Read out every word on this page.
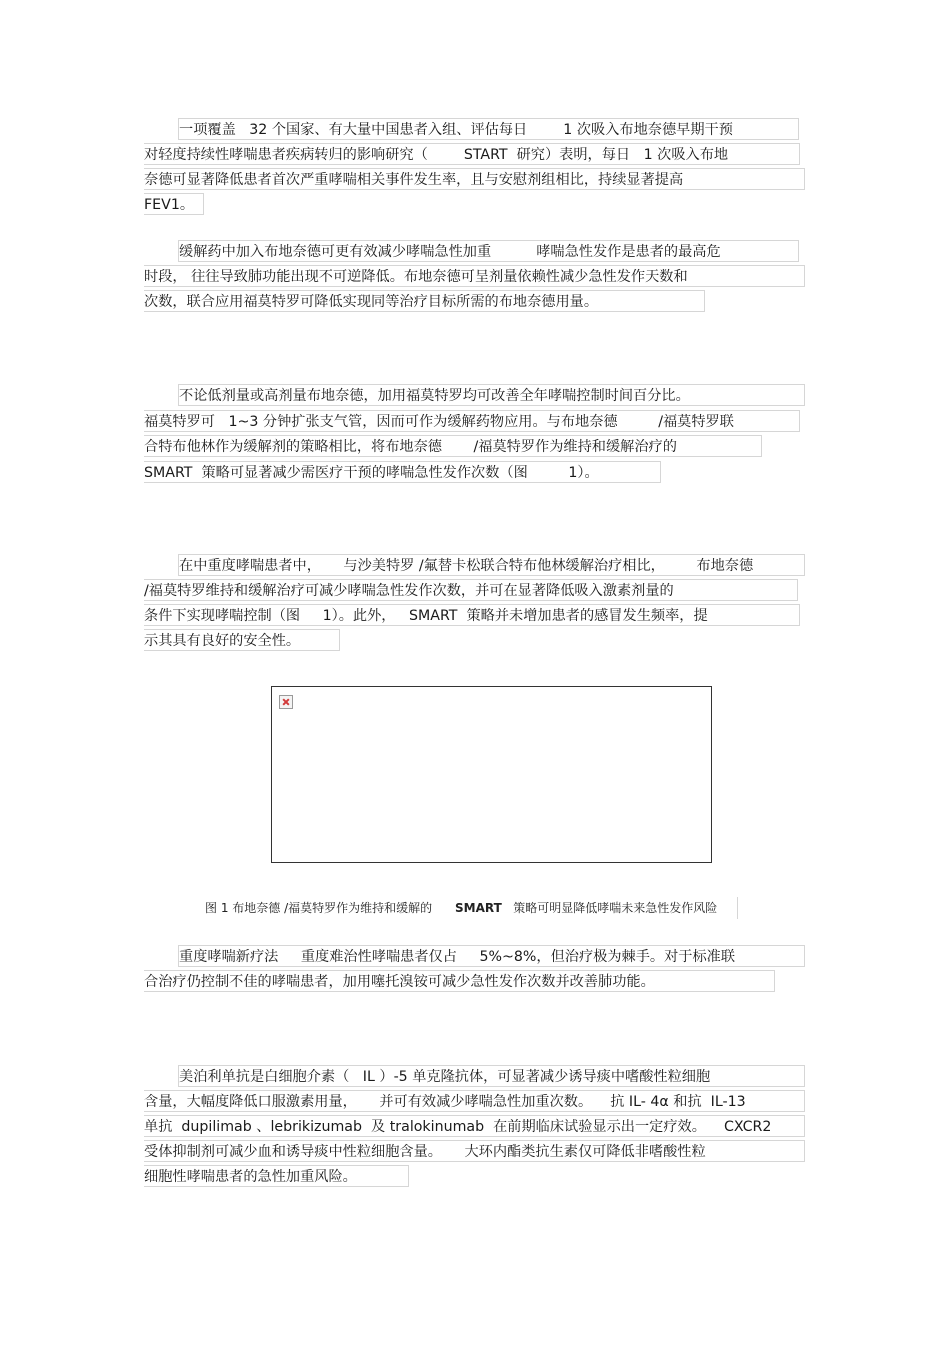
一项覆盖   32 个国家、有大量中国患者入组、评估每日        1 次吸入布地奈德早期干预
对轻度持续性哮喘患者疾病转归的影响研究（        START  研究）表明，每日   1 次吸入布地
奈德可显著降低患者首次严重哮喘相关事件发生率，且与安慰剂组相比，持续显著提高
FEV1。
缓解药中加入布地奈德可更有效减少哮喘急性加重          哮喘急性发作是患者的最高危
时段， 往往导致肺功能出现不可逆降低。布地奈德可呈剂量依赖性减少急性发作天数和
次数，联合应用福莫特罗可降低实现同等治疗目标所需的布地奈德用量。
不论低剂量或高剂量布地奈德，加用福莫特罗均可改善全年哮喘控制时间百分比。
福莫特罗可   1~3 分钟扩张支气管，因而可作为缓解药物应用。与布地奈德         /福莫特罗联
合特布他林作为缓解剂的策略相比，将布地奈德       /福莫特罗作为维持和缓解治疗的
SMART  策略可显著减少需医疗干预的哮喘急性发作次数（图         1）。
在中重度哮喘患者中，     与沙美特罗 /氟替卡松联合特布他林缓解治疗相比，       布地奈德
/福莫特罗维持和缓解治疗可减少哮喘急性发作次数，并可在显著降低吸入激素剂量的
条件下实现哮喘控制（图     1）。此外，   SMART  策略并未增加患者的感冒发生频率，提
示其具有良好的安全性。
图 1 布地奈德 /福莫特罗作为维持和缓解的      SMART   策略可明显降低哮喘未来急性发作风险
重度哮喘新疗法     重度难治性哮喘患者仅占     5%~8%，但治疗极为棘手。对于标准联
合治疗仍控制不佳的哮喘患者，加用噻托溴铵可减少急性发作次数并改善肺功能。
美泊利单抗是白细胞介素（   IL ）-5 单克隆抗体，可显著减少诱导痰中嗜酸性粒细胞
含量，大幅度降低口服激素用量，     并可有效减少哮喘急性加重次数。    抗 IL- 4α 和抗  IL-13
单抗  dupilimab 、lebrikizumab  及 tralokinumab  在前期临床试验显示出一定疗效。    CXCR2
受体抑制剂可减少血和诱导痰中性粒细胞含量。     大环内酯类抗生素仅可降低非嗜酸性粒
细胞性哮喘患者的急性加重风险。
